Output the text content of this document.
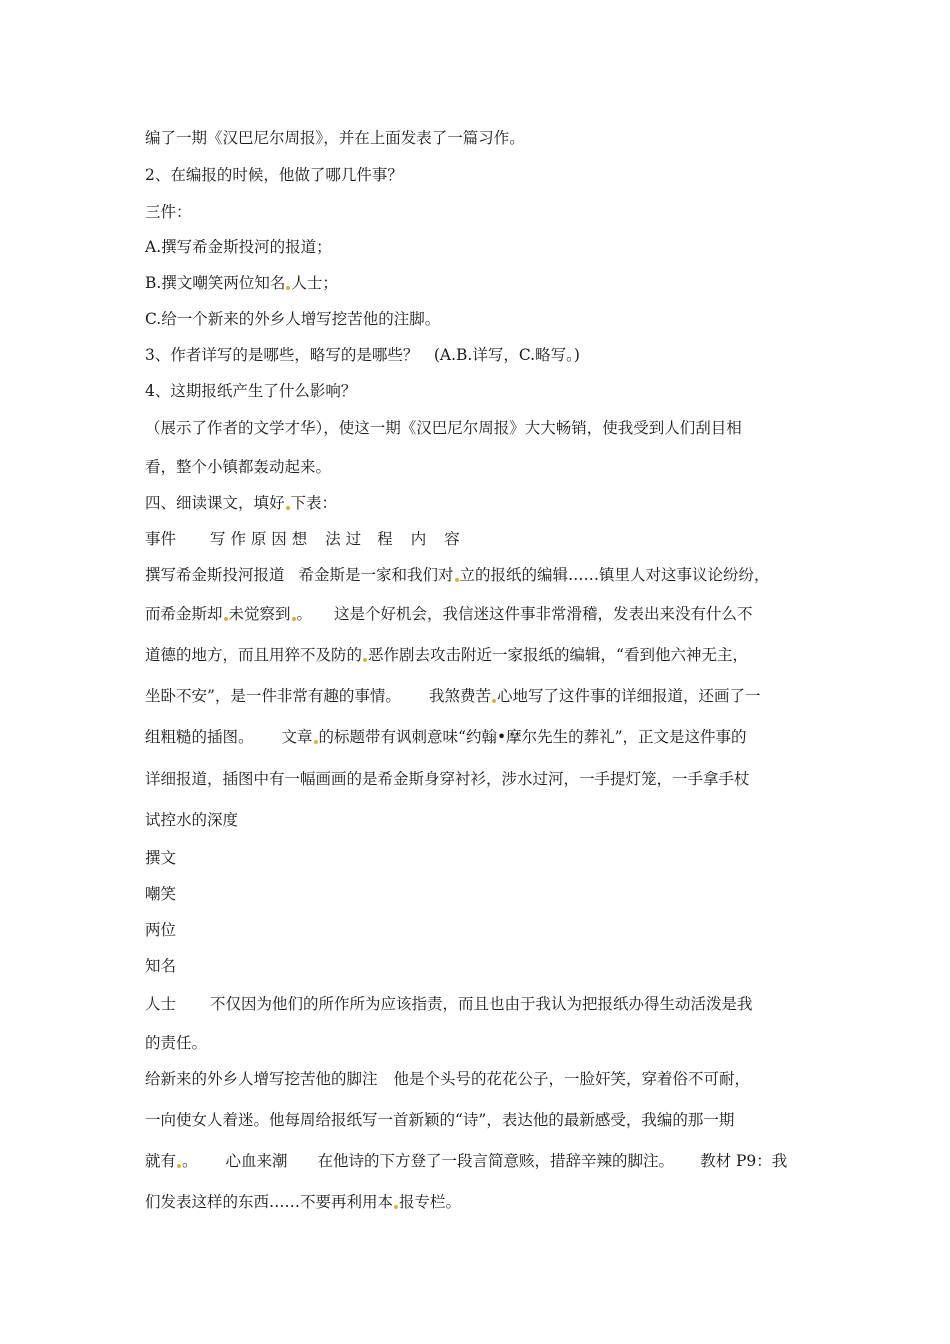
编了一期《汉巴尼尔周报》，并在上面发表了一篇习作。
2、在编报的时候，他做了哪几件事？
三件：
A.撰写希金斯投河的报道；
B.撰文嘲笑两位知名 人士；
C.给一个新来的外乡人增写挖苦他的注脚。
3、作者详写的是哪些，略写的是哪些？　(A.B.详写，C.略写。)
4、这期报纸产生了什么影响？
（展示了作者的文学才华），使这一期《汉巴尼尔周报》大大畅销，使我受到人们刮目相
看，整个小镇都轰动起来。
四、细读课文，填好 下表：
事件 写 作 原 因 想 法 过 程 内 容
撰写希金斯投河报道 希金斯是一家和我们对 立的报纸的编辑……镇里人对这事议论纷纷，
而希金斯却 未觉察到 。 这是个好机会，我信迷这件事非常滑稽，发表出来没有什么不
道德的地方，而且用猝不及防的 恶作剧去攻击附近一家报纸的编辑，“看到他六神无主，
坐卧不安”，是一件非常有趣的事情。 我煞费苦 心地写了这件事的详细报道，还画了一
组粗糙的插图。 文章 的标题带有讽刺意味“约翰•摩尔先生的葬礼”，正文是这件事的
详细报道，插图中有一幅画画的是希金斯身穿衬衫，涉水过河，一手提灯笼，一手拿手杖
试控水的深度
撰文
嘲笑
两位
知名
人士 不仅因为他们的所作所为应该指责，而且也由于我认为把报纸办得生动活泼是我
的责任。
给新来的外乡人增写挖苦他的脚注 他是个头号的花花公子，一脸奸笑，穿着俗不可耐，
一向使女人着迷。他每周给报纸写一首新颖的“诗”，表达他的最新感受，我编的那一期
就有 。 心血来潮 在他诗的下方登了一段言简意赅，措辞辛辣的脚注。 教材 P9：我
们发表这样的东西……不要再利用本 报专栏。
